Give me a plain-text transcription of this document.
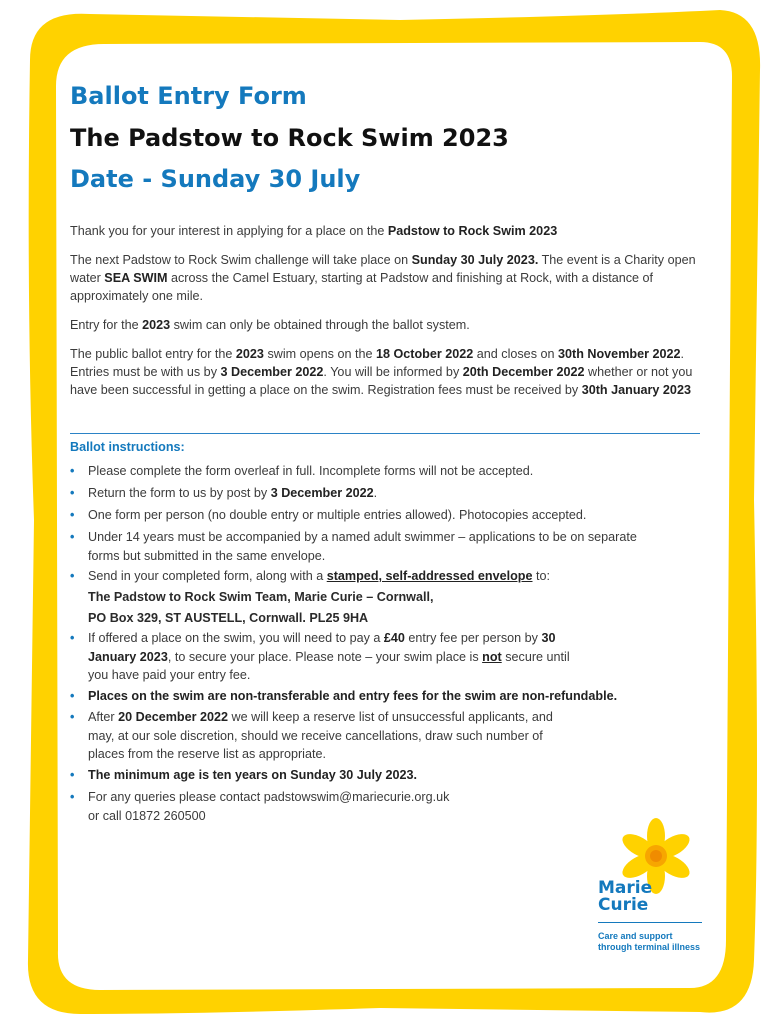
Ballot Entry Form
The Padstow to Rock Swim 2023
Date - Sunday 30 July

Thank you for your interest in applying for a place on the Padstow to Rock Swim 2023

The next Padstow to Rock Swim challenge will take place on Sunday 30 July 2023. The event is a Charity open water SEA SWIM across the Camel Estuary, starting at Padstow and finishing at Rock, with a distance of approximately one mile.

Entry for the 2023 swim can only be obtained through the ballot system.

The public ballot entry for the 2023 swim opens on the 18 October 2022 and closes on 30th November 2022. Entries must be with us by 3 December 2022. You will be informed by 20th December 2022 whether or not you have been successful in getting a place on the swim. Registration fees must be received by 30th January 2023

Ballot instructions:
• Please complete the form overleaf in full. Incomplete forms will not be accepted.
• Return the form to us by post by 3 December 2022.
• One form per person (no double entry or multiple entries allowed). Photocopies accepted.
• Under 14 years must be accompanied by a named adult swimmer – applications to be on separate forms but submitted in the same envelope.
• Send in your completed form, along with a stamped, self-addressed envelope to:
The Padstow to Rock Swim Team, Marie Curie – Cornwall,
PO Box 329, ST AUSTELL, Cornwall. PL25 9HA
• If offered a place on the swim, you will need to pay a £40 entry fee per person by 30 January 2023, to secure your place. Please note – your swim place is not secure until you have paid your entry fee.
• Places on the swim are non-transferable and entry fees for the swim are non-refundable.
• After 20 December 2022 we will keep a reserve list of unsuccessful applicants, and may, at our sole discretion, should we receive cancellations, draw such number of places from the reserve list as appropriate.
• The minimum age is ten years on Sunday 30 July 2023.
• For any queries please contact padstowswim@mariecurie.org.uk
or call 01872 260500
Marie
Curie
Care and support
through terminal illness
